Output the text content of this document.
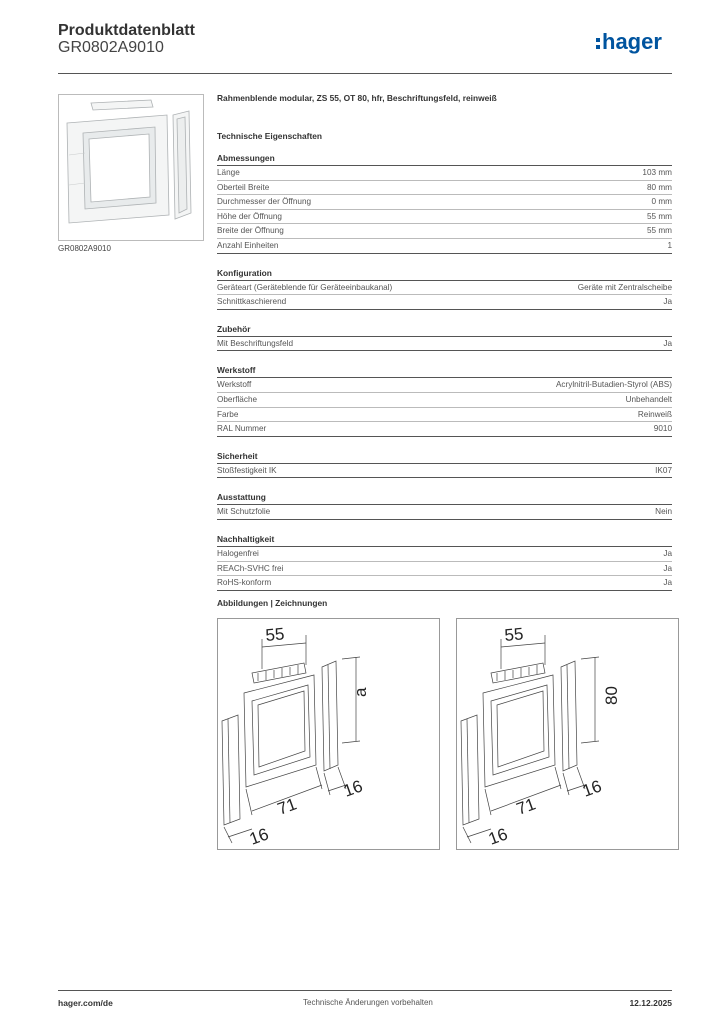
Produktdatenblatt
GR0802A9010	hager
GR0802A9010
Rahmenblende modular, ZS 55, OT 80, hfr, Beschriftungsfeld, reinweiß
Technische Eigenschaften
Abmessungen
Länge	103 mm
Oberteil Breite	80 mm
Durchmesser der Öffnung	0 mm
Höhe der Öffnung	55 mm
Breite der Öffnung	55 mm
Anzahl Einheiten	1
Konfiguration
Geräteart (Geräteblende für Geräteeinbaukanal)	Geräte mit Zentralscheibe
Schnittkaschierend	Ja
Zubehör
Mit Beschriftungsfeld	Ja
Werkstoff
Werkstoff	Acrylnitril-Butadien-Styrol (ABS)
Oberfläche	Unbehandelt
Farbe	Reinweiß
RAL Nummer	9010
Sicherheit
Stoßfestigkeit IK	IK07
Ausstattung
Mit Schutzfolie	Nein
Nachhaltigkeit
Halogenfrei	Ja
REACh-SVHC frei	Ja
RoHS-konform	Ja
Abbildungen | Zeichnungen
55
a
16
71
16
55
80
16
71
16
hager.com/de	Technische Änderungen vorbehalten	12.12.2025
